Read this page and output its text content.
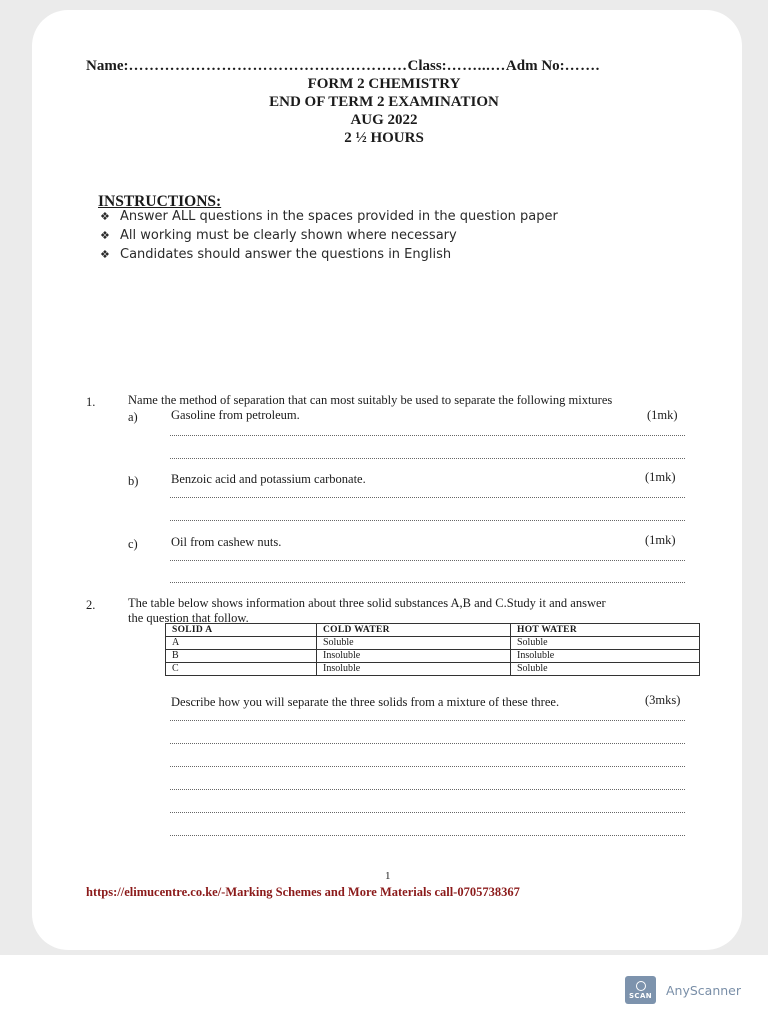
Name:………………………………………………Class:……...…Adm No:…….
FORM 2 CHEMISTRY
END OF TERM 2 EXAMINATION
AUG 2022
2 ½ HOURS
INSTRUCTIONS:
❖ Answer ALL questions in the spaces provided in the question paper
❖ All working must be clearly shown where necessary
❖ Candidates should answer the questions in English
1.	Name the method of separation that can most suitably be used to separate the following mixtures
a)	Gasoline from petroleum.	(1mk)
b)	Benzoic acid and potassium carbonate.	(1mk)
c)	Oil from cashew nuts.	(1mk)
2.	The table below shows information about three solid substances A,B and C.Study it and answer
the question that follow.
SOLID A	COLD WATER	HOT WATER
A	Soluble	Soluble
B	Insoluble	Insoluble
C	Insoluble	Soluble
Describe how you will separate the three solids from a mixture of these three.	(3mks)
1
https://elimucentre.co.ke/-Marking Schemes and More Materials call-0705738367
SCAN AnyScanner
